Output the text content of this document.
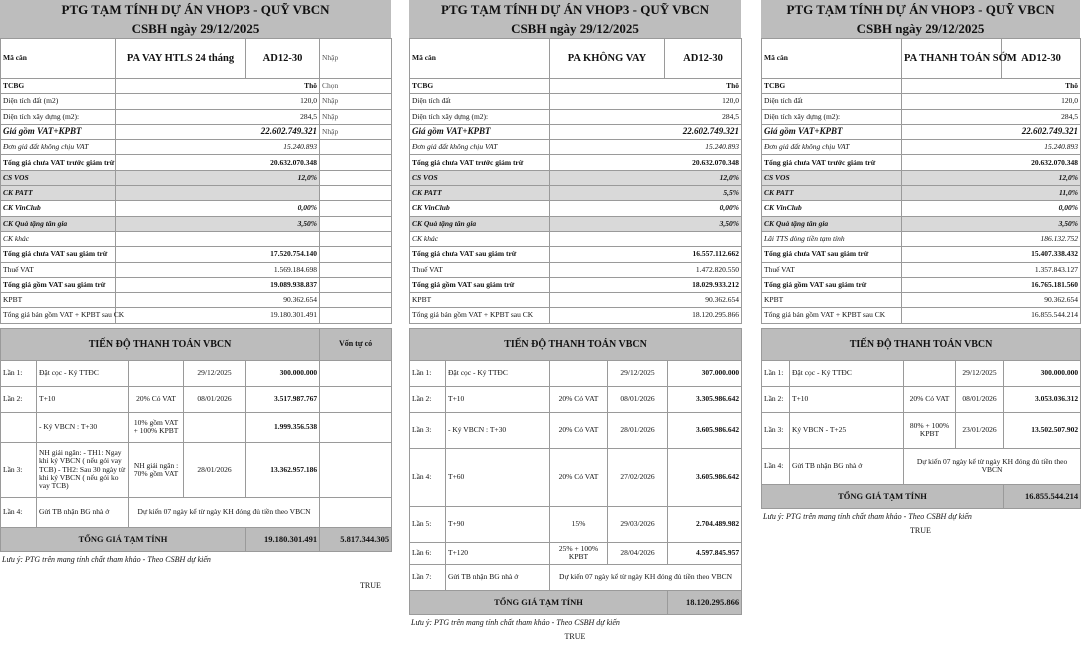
PTG TẠM TÍNH DỰ ÁN VHOP3 - QUỸ VBCN
CSBH ngày 29/12/2025
Mã căn	PA VAY HTLS 24 tháng	AD12-30	Nhập
TCBG	Thô		Chọn
Diện tích đất (m2)	120,0		Nhập
Diện tích xây dựng (m2):	284,5		Nhập
Giá gồm VAT+KPBT	22.602.749.321		Nhập
Đơn giá đất không chịu VAT	15.240.893		
Tổng giá chưa VAT trước giảm trừ	20.632.070.348		
CS VOS	12,0%		
CK PATT			
CK VinClub	0,00%		
CK Quà tặng tân gia	3,50%		
CK khác			
Tổng giá chưa VAT sau giảm trừ	17.520.754.140		
Thuế VAT	1.569.184.698		
Tổng giá gồm VAT sau giảm trừ	19.089.938.837		
KPBT	90.362.654		
Tổng giá bán gồm VAT + KPBT sau CK	19.180.301.491		
TIẾN ĐỘ THANH TOÁN VBCN					Vốn tự có
Lần 1:	Đặt cọc - Ký TTĐC		29/12/2025	300.000.000	
Lần 2:	T+10	20% Có VAT	08/01/2026	3.517.987.767	
	- Ký VBCN : T+30	10% gồm VAT + 100% KPBT		1.999.356.538	
Lần 3:	NH giải ngân: - TH1: Ngay khi ký VBCN ( nếu gói vay TCB) - TH2: Sau 30 ngày từ khi ký VBCN ( nếu gói ko vay TCB)	NH giải ngân : 70% gồm VAT	28/01/2026	13.362.957.186	
Lần 4:	Gửi TB nhận BG nhà ở	Dự kiến 07 ngày kể từ ngày KH đóng đủ tiền theo VBCN			
TỔNG GIÁ TẠM TÍNH				19.180.301.491	5.817.344.305
Lưu ý: PTG trên mang tính chất tham khảo - Theo CSBH dự kiến
TRUE
PTG TẠM TÍNH DỰ ÁN VHOP3 - QUỸ VBCN
CSBH ngày 29/12/2025
Mã căn	PA KHÔNG VAY	AD12-30
TCBG	Thô	
Diện tích đất	120,0	
Diện tích xây dựng (m2):	284,5	
Giá gồm VAT+KPBT	22.602.749.321	
Đơn giá đất không chịu VAT	15.240.893	
Tổng giá chưa VAT trước giảm trừ	20.632.070.348	
CS VOS	12,0%	
CK PATT	5,5%	
CK VinClub	0,00%	
CK Quà tặng tân gia	3,50%	
CK khác		
Tổng giá chưa VAT sau giảm trừ	16.557.112.662	
Thuế VAT	1.472.820.550	
Tổng giá gồm VAT sau giảm trừ	18.029.933.212	
KPBT	90.362.654	
Tổng giá bán gồm VAT + KPBT sau CK	18.120.295.866	
TIẾN ĐỘ THANH TOÁN VBCN				
Lần 1:	Đặt cọc - Ký TTĐC		29/12/2025	307.000.000
Lần 2:	T+10	20% Có VAT	08/01/2026	3.305.986.642
Lần 3:	- Ký VBCN : T+30	20% Có VAT	28/01/2026	3.605.986.642
Lần 4:	T+60	20% Có VAT	27/02/2026	3.605.986.642
Lần 5:	T+90	15%	29/03/2026	2.704.489.982
Lần 6:	T+120	25% + 100% KPBT	28/04/2026	4.597.845.957
Lần 7:	Gửi TB nhận BG nhà ở	Dự kiến 07 ngày kể từ ngày KH đóng đủ tiền theo VBCN		
TỔNG GIÁ TẠM TÍNH				18.120.295.866
Lưu ý: PTG trên mang tính chất tham khảo - Theo CSBH dự kiến
TRUE
PTG TẠM TÍNH DỰ ÁN VHOP3 - QUỸ VBCN
CSBH ngày 29/12/2025
Mã căn	PA THANH TOÁN SỚM	AD12-30
TCBG	Thô	
Diện tích đất	120,0	
Diện tích xây dựng (m2):	284,5	
Giá gồm VAT+KPBT	22.602.749.321	
Đơn giá đất không chịu VAT	15.240.893	
Tổng giá chưa VAT trước giảm trừ	20.632.070.348	
CS VOS	12,0%	
CK PATT	11,0%	
CK VinClub	0,00%	
CK Quà tặng tân gia	3,50%	
Lãi TTS dòng tiền tạm tính	186.132.752	
Tổng giá chưa VAT sau giảm trừ	15.407.338.432	
Thuế VAT	1.357.843.127	
Tổng giá gồm VAT sau giảm trừ	16.765.181.560	
KPBT	90.362.654	
Tổng giá bán gồm VAT + KPBT sau CK	16.855.544.214	
TIẾN ĐỘ THANH TOÁN VBCN				
Lần 1:	Đặt cọc - Ký TTĐC		29/12/2025	300.000.000
Lần 2:	T+10	20% Có VAT	08/01/2026	3.053.036.312
Lần 3:	Ký VBCN - T+25	80% + 100% KPBT	23/01/2026	13.502.507.902
Lần 4:	Gửi TB nhận BG nhà ở	Dự kiến 07 ngày kể từ ngày KH đóng đủ tiền theo VBCN		
TỔNG GIÁ TẠM TÍNH				16.855.544.214
Lưu ý: PTG trên mang tính chất tham khảo - Theo CSBH dự kiến
TRUE
